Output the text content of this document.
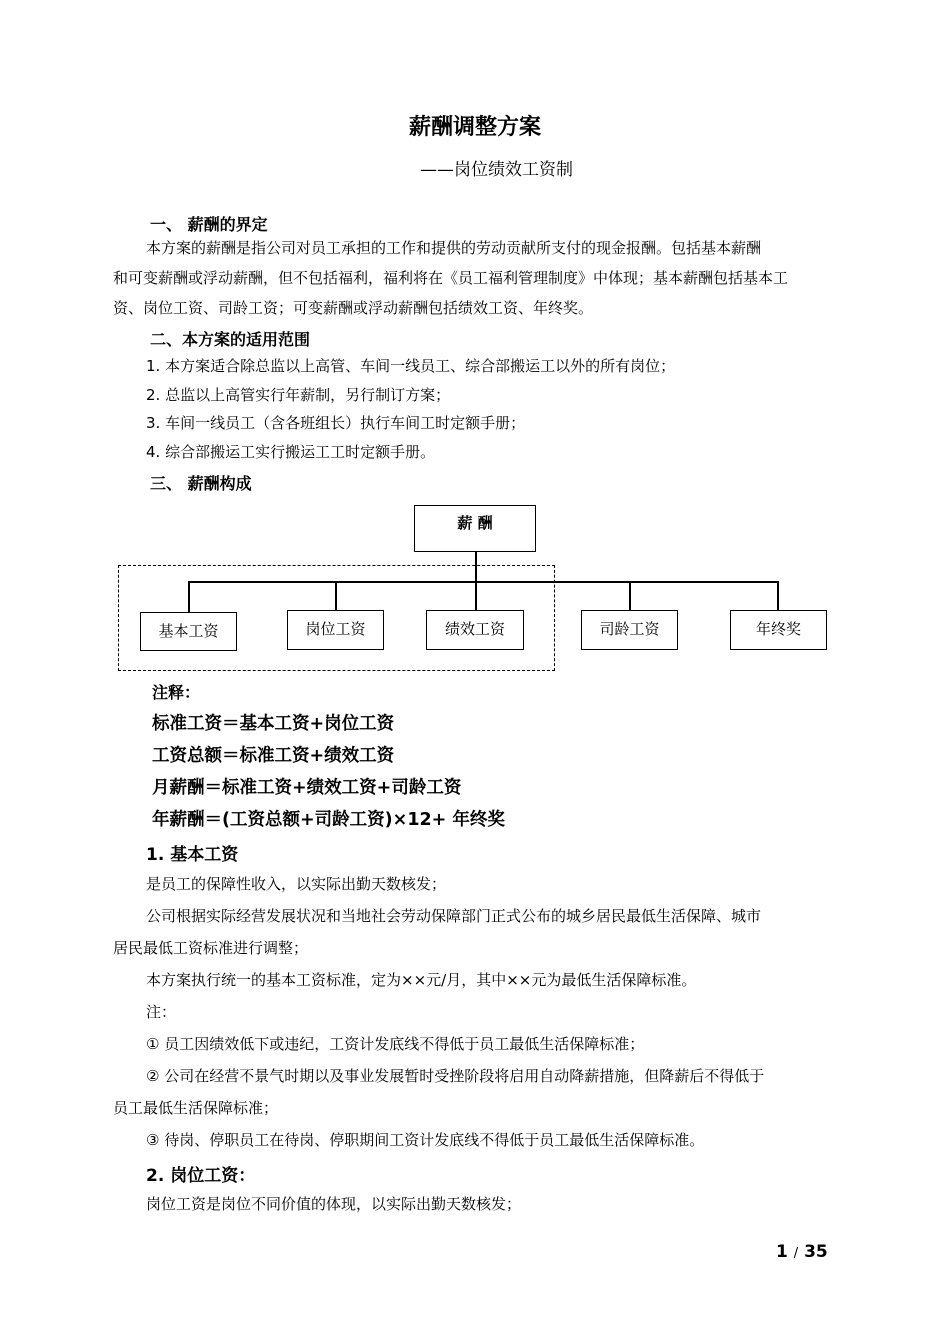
薪酬调整方案
——岗位绩效工资制
一、 薪酬的界定
本方案的薪酬是指公司对员工承担的工作和提供的劳动贡献所支付的现金报酬。包括基本薪酬
和可变薪酬或浮动薪酬，但不包括福利，福利将在《员工福利管理制度》中体现；基本薪酬包括基本工
资、岗位工资、司龄工资；可变薪酬或浮动薪酬包括绩效工资、年终奖。
二、本方案的适用范围
1. 本方案适合除总监以上高管、车间一线员工、综合部搬运工以外的所有岗位；
2. 总监以上高管实行年薪制，另行制订方案；
3. 车间一线员工（含各班组长）执行车间工时定额手册；
4. 综合部搬运工实行搬运工工时定额手册。
三、 薪酬构成
薪 酬
基本工资	岗位工资	绩效工资	司龄工资	年终奖
注释：
标准工资＝基本工资+岗位工资
工资总额＝标准工资+绩效工资
月薪酬＝标准工资+绩效工资+司龄工资
年薪酬＝(工资总额+司龄工资)×12+ 年终奖
1. 基本工资
是员工的保障性收入，以实际出勤天数核发；
公司根据实际经营发展状况和当地社会劳动保障部门正式公布的城乡居民最低生活保障、城市
居民最低工资标准进行调整；
本方案执行统一的基本工资标准，定为××元/月，其中××元为最低生活保障标准。
注：
① 员工因绩效低下或违纪，工资计发底线不得低于员工最低生活保障标准；
② 公司在经营不景气时期以及事业发展暂时受挫阶段将启用自动降薪措施，但降薪后不得低于
员工最低生活保障标准；
③ 待岗、停职员工在待岗、停职期间工资计发底线不得低于员工最低生活保障标准。
2. 岗位工资：
岗位工资是岗位不同价值的体现，以实际出勤天数核发；
1 / 35
